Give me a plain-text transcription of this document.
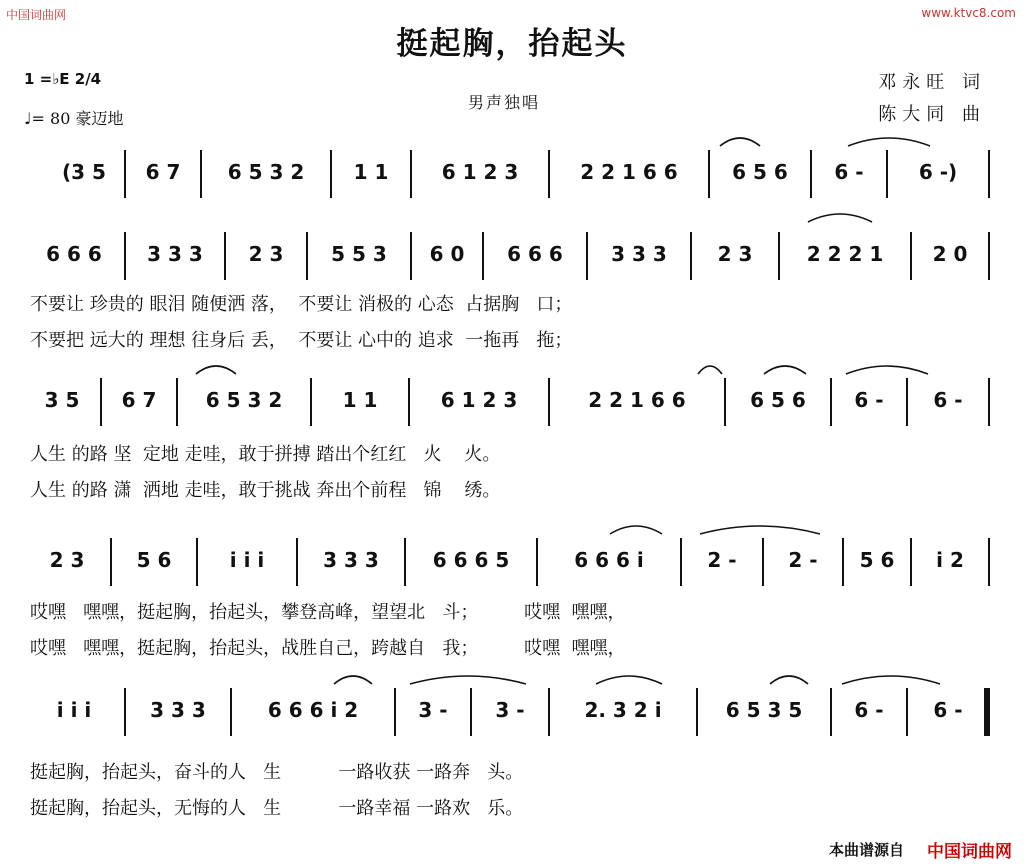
中国词曲网	www.ktvc8.com
挺起胸，抬起头
1 =♭E 2/4
♩= 80 豪迈地
男声独唱
邓永旺 词
陈大同 曲
(3 5	6 7	6 5 3 2	1 1	6 1 2 3	2 2 1 6 6	6 5 6	6 -	6 -)
6 6 6	3 3 3	2 3	5 5 3	6 0	6 6 6	3 3 3	2 3	2 2 2 1	2 0
不要让 珍贵的 眼泪 随便洒 落，  不要让 消极的 心态  占据胸   口；
不要把 远大的 理想 往身后 丢，  不要让 心中的 追求  一拖再   拖；
3 5	6 7	6 5 3 2	1 1	6 1 2 3	2 2 1 6 6	6 5 6	6 -	6 -
人生 的路 坚  定地 走哇，敢于拼搏 踏出个红红   火    火。
人生 的路 潇  洒地 走哇，敢于挑战 奔出个前程   锦    绣。
2 3	5 6	i i i	3 3 3	6 6 6 5	6 6 6 i	2 -	2 -	5 6	i 2
哎嘿   嘿嘿，挺起胸，抬起头，攀登高峰，望望北   斗；        哎嘿  嘿嘿，
哎嘿   嘿嘿，挺起胸，抬起头，战胜自己，跨越自   我；        哎嘿  嘿嘿，
i i i	3 3 3	6 6 6 i 2	3 -	3 -	2. 3 2 i	6 5 3 5	6 -	6 -
挺起胸，抬起头，奋斗的人   生          一路收获 一路奔   头。
挺起胸，抬起头，无悔的人   生          一路幸福 一路欢   乐。
本曲谱源自 中国词曲网
